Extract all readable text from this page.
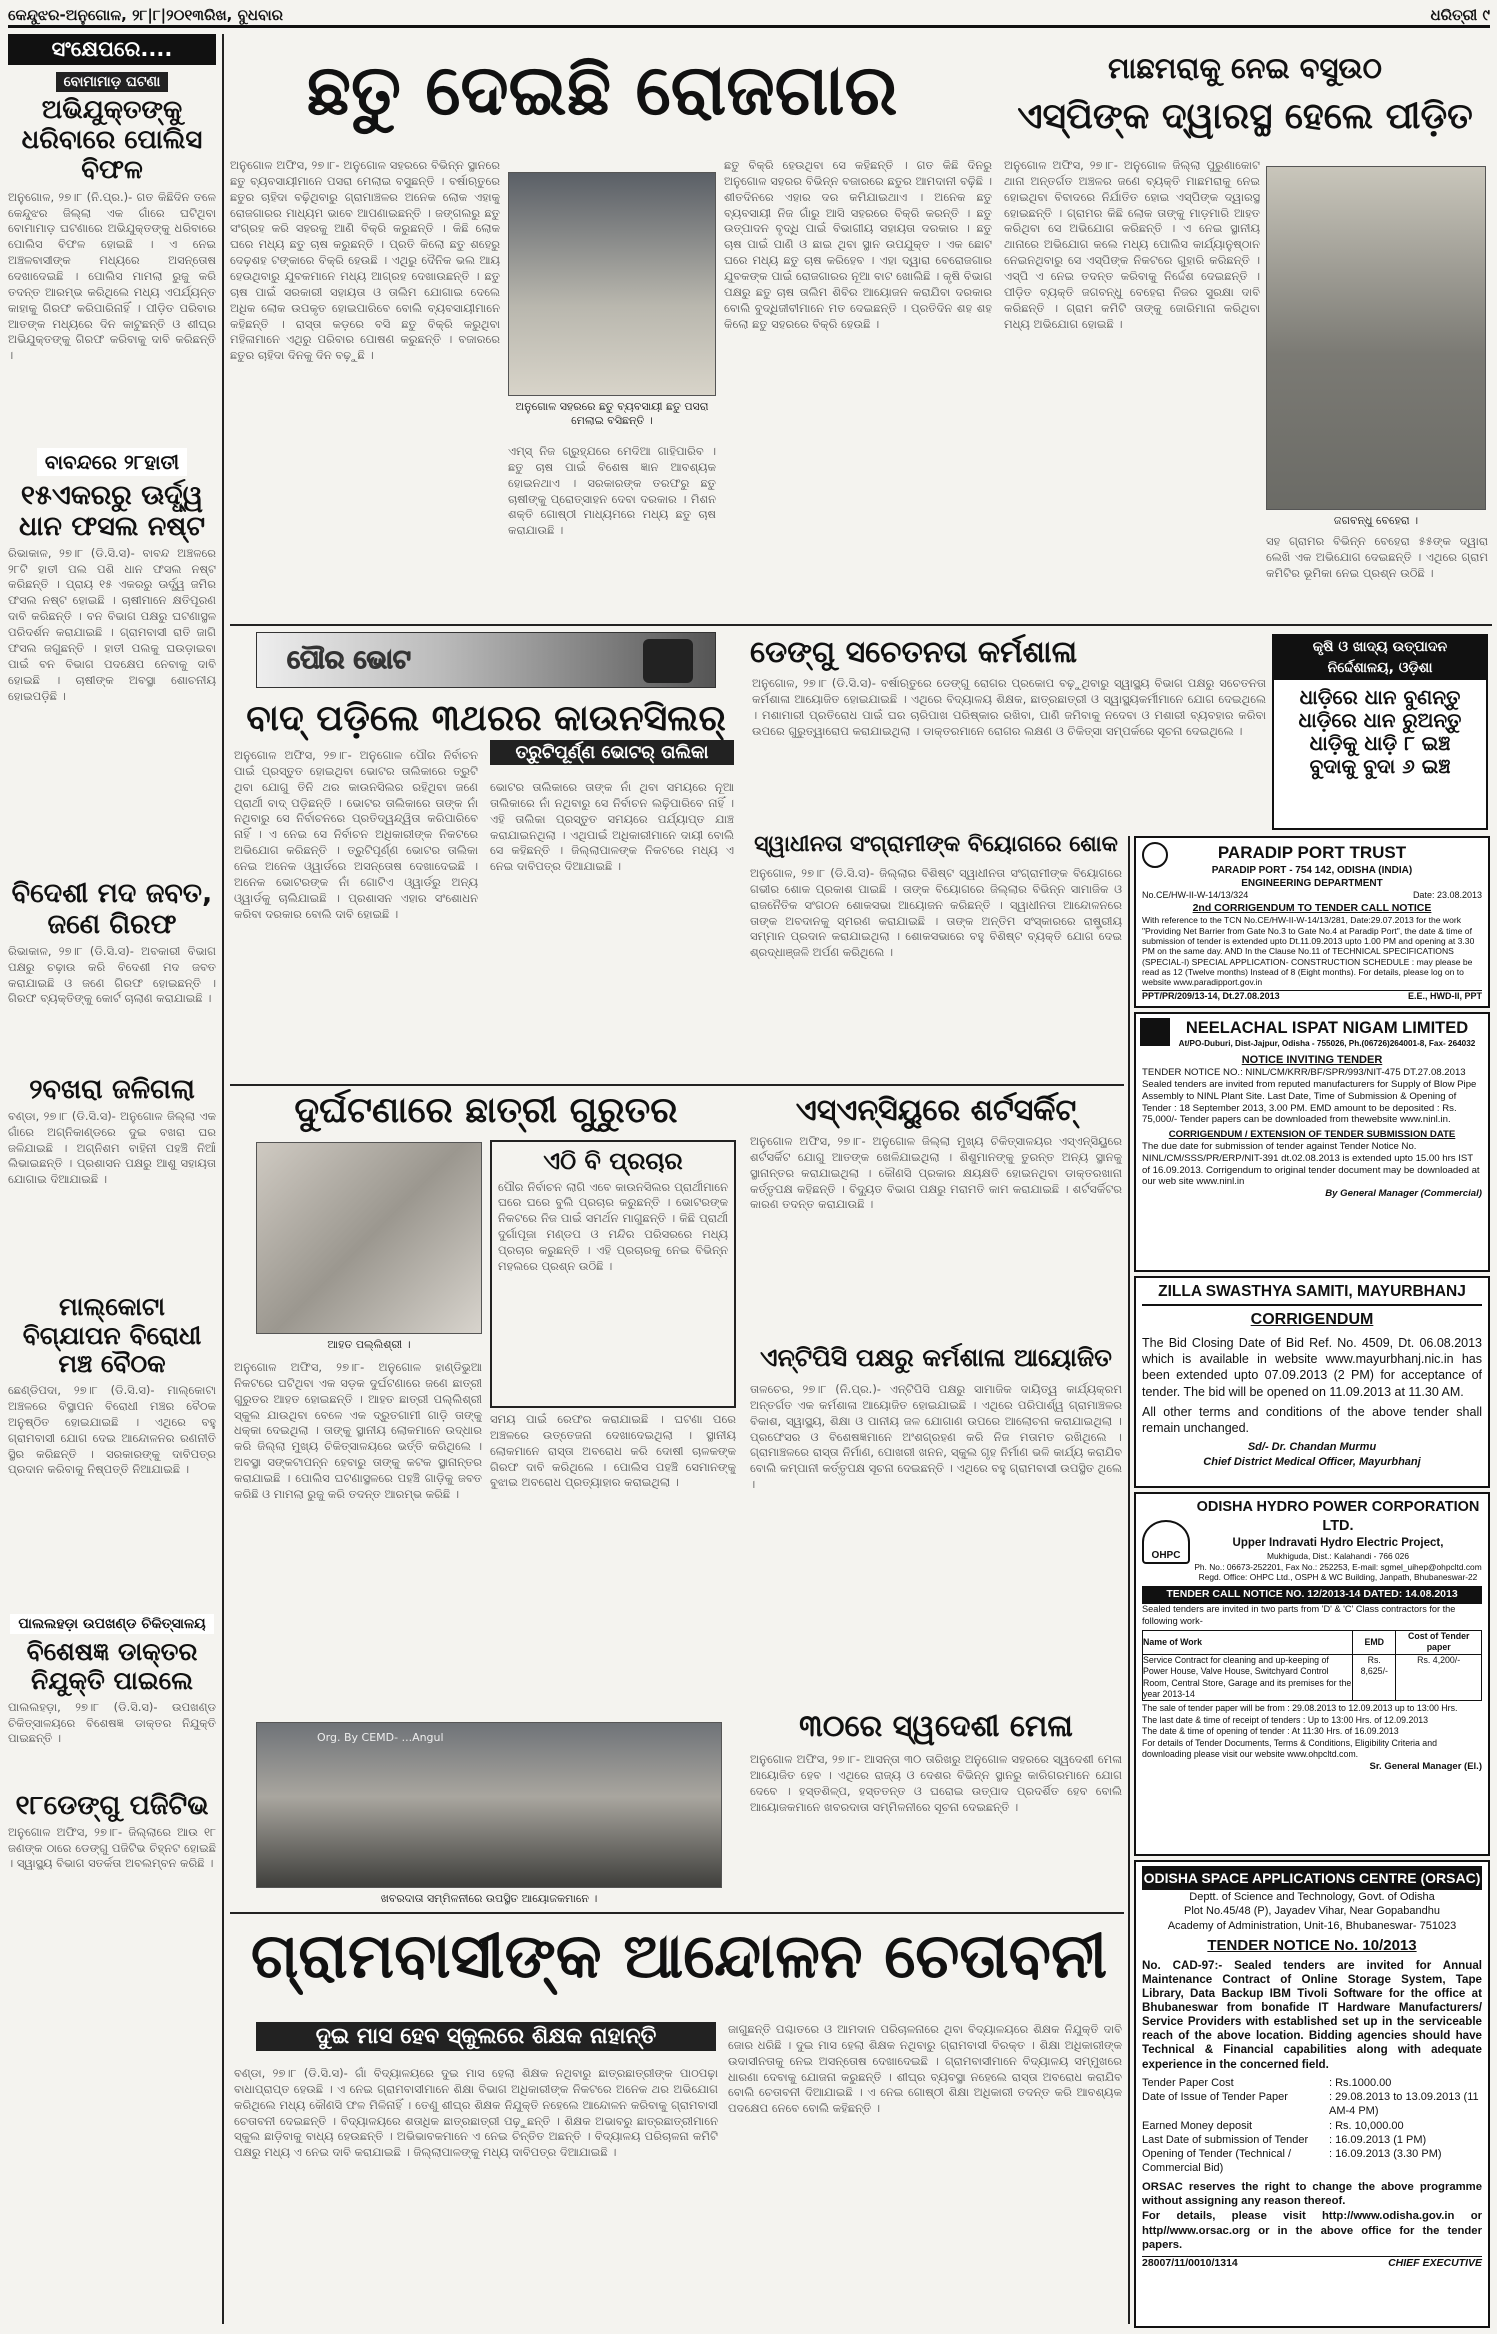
କେନ୍ଦୁଝର-ଅନୁଗୋଳ, ୨୮|୮|୨୦୧୩ରିଖ, ବୁଧବାର	ଧରିତ୍ରୀ ୯
ସଂକ୍ଷେପରେ....
ବୋମାମାଡ଼ ଘଟଣା
ଅଭିଯୁକ୍ତଙ୍କୁ ଧରିବାରେ ପୋଲିସ ବିଫଳ
ଅନୁଗୋଳ, ୨୭।୮ (ନି.ପ୍ର.)- ଗତ କିଛିଦିନ ତଳେ କେନ୍ଦୁଝର ଜିଲ୍ଲା ଏକ ଗାଁରେ ଘଟିଥିବା ବୋମାମାଡ଼ ଘଟଣାରେ ଅଭିଯୁକ୍ତଙ୍କୁ ଧରିବାରେ ପୋଲିସ ବିଫଳ ହୋଇଛି । ଏ ନେଇ ଅଞ୍ଚଳବାସୀଙ୍କ ମଧ୍ୟରେ ଅସନ୍ତୋଷ ଦେଖାଦେଇଛି । ପୋଲିସ ମାମଲା ରୁଜୁ କରି ତଦନ୍ତ ଆରମ୍ଭ କରିଥିଲେ ମଧ୍ୟ ଏପର୍ଯ୍ୟନ୍ତ କାହାକୁ ଗିରଫ କରିପାରିନାହିଁ । ପୀଡ଼ିତ ପରିବାର ଆତଙ୍କ ମଧ୍ୟରେ ଦିନ କାଟୁଛନ୍ତି ଓ ଶୀଘ୍ର ଅଭିଯୁକ୍ତଙ୍କୁ ଗିରଫ କରିବାକୁ ଦାବି କରିଛନ୍ତି ।
ବାବନ୍ଦରେ ୨୮ହାତୀ
୧୫ଏକରରୁ ଊର୍ଦ୍ଧ୍ୱ ଧାନ ଫସଲ ନଷ୍ଟ
ରିଭାକାଳ, ୨୭।୮ (ଡି.ସି.ସ)- ବାବନ୍ଦ ଅଞ୍ଚଳରେ ୨୮ଟି ହାତୀ ପଲ ପଶି ଧାନ ଫସଲ ନଷ୍ଟ କରିଛନ୍ତି । ପ୍ରାୟ ୧୫ ଏକରରୁ ଊର୍ଦ୍ଧ୍ୱ ଜମିର ଫସଲ ନଷ୍ଟ ହୋଇଛି । ଚାଷୀମାନେ କ୍ଷତିପୂରଣ ଦାବି କରିଛନ୍ତି । ବନ ବିଭାଗ ପକ୍ଷରୁ ଘଟଣାସ୍ଥଳ ପରିଦର୍ଶନ କରାଯାଇଛି । ଗ୍ରାମବାସୀ ରାତି ଜାଗି ଫସଲ ଜଗୁଛନ୍ତି । ହାତୀ ପଲକୁ ଘଉଡ଼ାଇବା ପାଇଁ ବନ ବିଭାଗ ପଦକ୍ଷେପ ନେବାକୁ ଦାବି ହୋଇଛି । ଚାଷୀଙ୍କ ଅବସ୍ଥା ଶୋଚନୀୟ ହୋଇପଡ଼ିଛି ।
ବିଦେଶୀ ମଦ ଜବତ, ଜଣେ ଗିରଫ
ରିଭାକାଳ, ୨୭।୮ (ଡି.ସି.ସ)- ଅବକାରୀ ବିଭାଗ ପକ୍ଷରୁ ଚଢ଼ାଉ କରି ବିଦେଶୀ ମଦ ଜବତ କରାଯାଇଛି ଓ ଜଣେ ଗିରଫ ହୋଇଛନ୍ତି । ଗିରଫ ବ୍ୟକ୍ତିଙ୍କୁ କୋର୍ଟ ଚାଲାଣ କରାଯାଇଛି ।
୨ବଖରା ଜଳିଗଲା
ବଣ୍ଡା, ୨୭।୮ (ଡି.ସି.ସ)- ଅନୁଗୋଳ ଜିଲ୍ଲା ଏକ ଗାଁରେ ଅଗ୍ନିକାଣ୍ଡରେ ଦୁଇ ବଖରା ଘର ଜଳିଯାଇଛି । ଅଗ୍ନିଶମ ବାହିନୀ ପହଞ୍ଚି ନିଆଁ ଲିଭାଇଛନ୍ତି । ପ୍ରଶାସନ ପକ୍ଷରୁ ଆଶୁ ସହାୟତା ଯୋଗାଇ ଦିଆଯାଇଛି ।
ମାଲ୍କୋଟା ବିଗ୍ଯାପନ ବିରୋଧୀ ମଞ୍ଚ ବୈଠକ
ଛେଣ୍ଡିପଦା, ୨୭।୮ (ଡି.ସି.ସ)- ମାଲ୍କୋଟା ଅଞ୍ଚଳରେ ବିସ୍ଥାପନ ବିରୋଧୀ ମଞ୍ଚର ବୈଠକ ଅନୁଷ୍ଠିତ ହୋଇଯାଇଛି । ଏଥିରେ ବହୁ ଗ୍ରାମବାସୀ ଯୋଗ ଦେଇ ଆନ୍ଦୋଳନର ରଣନୀତି ସ୍ଥିର କରିଛନ୍ତି । ସରକାରଙ୍କୁ ଦାବିପତ୍ର ପ୍ରଦାନ କରିବାକୁ ନିଷ୍ପତ୍ତି ନିଆଯାଇଛି ।
ପାଲଲହଡ଼ା ଉପଖଣ୍ଡ ଚିକିତ୍ସାଳୟ
ବିଶେଷଜ୍ଞ ଡାକ୍ତର ନିଯୁକ୍ତି ପାଇଲେ
ପାଲଲହଡ଼ା, ୨୭।୮ (ଡି.ସି.ସ)- ଉପଖଣ୍ଡ ଚିକିତ୍ସାଳୟରେ ବିଶେଷଜ୍ଞ ଡାକ୍ତର ନିଯୁକ୍ତି ପାଇଛନ୍ତି ।
୧୮ଡେଙ୍ଗୁ ପଜିଟିଭ
ଅନୁଗୋଳ ଅଫିସ, ୨୭।୮- ଜିଲ୍ଲାରେ ଆଉ ୧୮ ଜଣଙ୍କ ଠାରେ ଡେଙ୍ଗୁ ପଜିଟିଭ ଚିହ୍ନଟ ହୋଇଛି । ସ୍ୱାସ୍ଥ୍ୟ ବିଭାଗ ସତର୍କତା ଅବଲମ୍ବନ କରିଛି ।
ଛତୁ ଦେଇଛି ରୋଜଗାର
ଅନୁଗୋଳ ଅଫିସ, ୨୭।୮- ଅନୁଗୋଳ ସହରରେ ବିଭିନ୍ନ ସ୍ଥାନରେ ଛତୁ ବ୍ୟବସାୟୀମାନେ ପସରା ମେଲାଇ ବସୁଛନ୍ତି । ବର୍ଷାଋତୁରେ ଛତୁର ଚାହିଦା ବଢ଼ିଥିବାରୁ ଗ୍ରାମାଞ୍ଚଳର ଅନେକ ଲୋକ ଏହାକୁ ରୋଜଗାରର ମାଧ୍ୟମ ଭାବେ ଆପଣାଇଛନ୍ତି । ଜଙ୍ଗଲରୁ ଛତୁ ସଂଗ୍ରହ କରି ସହରକୁ ଆଣି ବିକ୍ରି କରୁଛନ୍ତି । କିଛି ଲୋକ ଘରେ ମଧ୍ୟ ଛତୁ ଚାଷ କରୁଛନ୍ତି । ପ୍ରତି କିଲୋ ଛତୁ ଶହେରୁ ଦେଢ଼ଶହ ଟଙ୍କାରେ ବିକ୍ରି ହେଉଛି । ଏଥିରୁ ଦୈନିକ ଭଲ ଆୟ ହେଉଥିବାରୁ ଯୁବକମାନେ ମଧ୍ୟ ଆଗ୍ରହ ଦେଖାଉଛନ୍ତି । ଛତୁ ଚାଷ ପାଇଁ ସରକାରୀ ସହାୟତା ଓ ତାଲିମ ଯୋଗାଇ ଦେଲେ ଅଧିକ ଲୋକ ଉପକୃତ ହୋଇପାରିବେ ବୋଲି ବ୍ୟବସାୟୀମାନେ କହିଛନ୍ତି । ରାସ୍ତା କଡ଼ରେ ବସି ଛତୁ ବିକ୍ରି କରୁଥିବା ମହିଳାମାନେ ଏଥିରୁ ପରିବାର ପୋଷଣ କରୁଛନ୍ତି । ବଜାରରେ ଛତୁର ଚାହିଦା ଦିନକୁ ଦିନ ବଢ଼ୁଛି ।
ଅନୁଗୋଳ ସହରରେ ଛତୁ ବ୍ୟବସାୟୀ ଛତୁ ପସରା ମେଲାଇ ବସିଛନ୍ତି ।
ଏମ୍‌ସ୍ ନିଜ ଗ୍ରୁହ୍ଯରେ ମେଦିଆ ଗାହିପାରିବ । ଛତୁ ଚାଷ ପାଇଁ ବିଶେଷ ଜ୍ଞାନ ଆବଶ୍ୟକ ହୋଇନଥାଏ । ସରକାରଙ୍କ ତରଫରୁ ଛତୁ ଚାଷୀଙ୍କୁ ପ୍ରୋତ୍ସାହନ ଦେବା ଦରକାର । ମିଶନ ଶକ୍ତି ଗୋଷ୍ଠୀ ମାଧ୍ୟମରେ ମଧ୍ୟ ଛତୁ ଚାଷ କରାଯାଉଛି ।
ଛତୁ ବିକ୍ରି ହେଉଥିବା ସେ କହିଛନ୍ତି । ଗତ କିଛି ଦିନରୁ ଅନୁଗୋଳ ସହରର ବିଭିନ୍ନ ବଜାରରେ ଛତୁର ଆମଦାନୀ ବଢ଼ିଛି । ଶୀତଦିନରେ ଏହାର ଦର କମିଯାଇଥାଏ । ଅନେକ ଛତୁ ବ୍ୟବସାୟୀ ନିଜ ଗାଁରୁ ଆସି ସହରରେ ବିକ୍ରି କରନ୍ତି । ଛତୁ ଉତ୍ପାଦନ ବୃଦ୍ଧି ପାଇଁ ବିଭାଗୀୟ ସହାୟତା ଦରକାର । ଛତୁ ଚାଷ ପାଇଁ ପାଣି ଓ ଛାଇ ଥିବା ସ୍ଥାନ ଉପଯୁକ୍ତ । ଏକ ଛୋଟ ଘରେ ମଧ୍ୟ ଛତୁ ଚାଷ କରିହେବ । ଏହା ଦ୍ୱାରା ବେରୋଜଗାର ଯୁବକଙ୍କ ପାଇଁ ରୋଜଗାରର ନୂଆ ବାଟ ଖୋଲିଛି । କୃଷି ବିଭାଗ ପକ୍ଷରୁ ଛତୁ ଚାଷ ତାଲିମ ଶିବିର ଆୟୋଜନ କରାଯିବା ଦରକାର ବୋଲି ବୁଦ୍ଧିଜୀବୀମାନେ ମତ ଦେଇଛନ୍ତି । ପ୍ରତିଦିନ ଶହ ଶହ କିଲୋ ଛତୁ ସହରରେ ବିକ୍ରି ହେଉଛି ।
ମାଛମରାକୁ ନେଇ ବସୁଉଠ
ଏସ୍‌ପିଙ୍କ ଦ୍ୱାରସ୍ଥ ହେଲେ ପୀଡ଼ିତ
ଅନୁଗୋଳ ଅଫିସ, ୨୭।୮- ଅନୁଗୋଳ ଜିଲ୍ଲା ପୁରୁଣାକୋଟ ଥାନା ଅନ୍ତର୍ଗତ ଅଞ୍ଚଳର ଜଣେ ବ୍ୟକ୍ତି ମାଛମରାକୁ ନେଇ ହୋଇଥିବା ବିବାଦରେ ନିର୍ଯାତିତ ହୋଇ ଏସ୍‌ପିଙ୍କ ଦ୍ୱାରସ୍ଥ ହୋଇଛନ୍ତି । ଗ୍ରାମର କିଛି ଲୋକ ତାଙ୍କୁ ମାଡ଼ମାରି ଆହତ କରିଥିବା ସେ ଅଭିଯୋଗ କରିଛନ୍ତି । ଏ ନେଇ ସ୍ଥାନୀୟ ଥାନାରେ ଅଭିଯୋଗ କଲେ ମଧ୍ୟ ପୋଲିସ କାର୍ଯ୍ୟାନୁଷ୍ଠାନ ନେଇନଥିବାରୁ ସେ ଏସ୍‌ପିଙ୍କ ନିକଟରେ ଗୁହାରି କରିଛନ୍ତି । ଏସ୍‌ପି ଏ ନେଇ ତଦନ୍ତ କରିବାକୁ ନିର୍ଦ୍ଦେଶ ଦେଇଛନ୍ତି । ପୀଡ଼ିତ ବ୍ୟକ୍ତି ଜଗବନ୍ଧୁ ବେହେରା ନିଜର ସୁରକ୍ଷା ଦାବି କରିଛନ୍ତି । ଗ୍ରାମ କମିଟି ତାଙ୍କୁ ଜୋରିମାନା କରିଥିବା ମଧ୍ୟ ଅଭିଯୋଗ ହୋଇଛି ।
ଜଗବନ୍ଧୁ ବେହେରା ।
ସହ ଗ୍ରାମର ବିଭିନ୍ନ ବେହେରା ୫୫ଙ୍କ ଦ୍ୱାରା ଲେଖି ଏକ ଅଭିଯୋଗ ଦେଇଛନ୍ତି । ଏଥିରେ ଗ୍ରାମ କମିଟିର ଭୂମିକା ନେଇ ପ୍ରଶ୍ନ ଉଠିଛି ।
ପୌର ଭୋଟ
ବାଦ୍ ପଡ଼ିଲେ ୩ଥରର କାଉନସିଲର୍
ଅନୁଗୋଳ ଅଫିସ, ୨୭।୮- ଅନୁଗୋଳ ପୌର ନିର୍ବାଚନ ପାଇଁ ପ୍ରସ୍ତୁତ ହୋଇଥିବା ଭୋଟର ତାଲିକାରେ ତ୍ରୁଟି ଥିବା ଯୋଗୁ ତିନି ଥର କାଉନସିଲର ରହିଥିବା ଜଣେ ପ୍ରାର୍ଥୀ ବାଦ୍ ପଡ଼ିଛନ୍ତି । ଭୋଟର ତାଲିକାରେ ତାଙ୍କ ନାଁ ନଥିବାରୁ ସେ ନିର୍ବାଚନରେ ପ୍ରତିଦ୍ୱନ୍ଦ୍ୱିତା କରିପାରିବେ ନାହିଁ । ଏ ନେଇ ସେ ନିର୍ବାଚନ ଅଧିକାରୀଙ୍କ ନିକଟରେ ଅଭିଯୋଗ କରିଛନ୍ତି । ତ୍ରୁଟିପୂର୍ଣ୍ଣ ଭୋଟର ତାଲିକା ନେଇ ଅନେକ ଓ୍ୱାର୍ଡରେ ଅସନ୍ତୋଷ ଦେଖାଦେଇଛି । ଅନେକ ଭୋଟରଙ୍କ ନାଁ ଗୋଟିଏ ଓ୍ୱାର୍ଡରୁ ଅନ୍ୟ ଓ୍ୱାର୍ଡକୁ ଚାଲିଯାଇଛି । ପ୍ରଶାସନ ଏହାର ସଂଶୋଧନ କରିବା ଦରକାର ବୋଲି ଦାବି ହୋଇଛି ।
ତ୍ରୁଟିପୂର୍ଣ୍ଣ ଭୋଟର୍ ତାଲିକା
ଭୋଟର ତାଲିକାରେ ତାଙ୍କ ନାଁ ଥିବା ସମୟରେ ନୂଆ ତାଲିକାରେ ନାଁ ନଥିବାରୁ ସେ ନିର୍ବାଚନ ଲଢ଼ିପାରିବେ ନାହିଁ । ଏହି ତାଲିକା ପ୍ରସ୍ତୁତ ସମୟରେ ପର୍ଯ୍ୟାପ୍ତ ଯାଞ୍ଚ କରାଯାଇନଥିଲା । ଏଥିପାଇଁ ଅଧିକାରୀମାନେ ଦାୟୀ ବୋଲି ସେ କହିଛନ୍ତି । ଜିଲ୍ଲାପାଳଙ୍କ ନିକଟରେ ମଧ୍ୟ ଏ ନେଇ ଦାବିପତ୍ର ଦିଆଯାଇଛି ।
ଡେଙ୍ଗୁ ସଚେତନତା କର୍ମଶାଳା
ଅନୁଗୋଳ, ୨୭।୮ (ଡି.ସି.ସ)- ବର୍ଷାଋତୁରେ ଡେଙ୍ଗୁ ରୋଗର ପ୍ରକୋପ ବଢ଼ୁଥିବାରୁ ସ୍ୱାସ୍ଥ୍ୟ ବିଭାଗ ପକ୍ଷରୁ ସଚେତନତା କର୍ମଶାଳା ଆୟୋଜିତ ହୋଇଯାଇଛି । ଏଥିରେ ବିଦ୍ୟାଳୟ ଶିକ୍ଷକ, ଛାତ୍ରଛାତ୍ରୀ ଓ ସ୍ୱାସ୍ଥ୍ୟକର୍ମୀମାନେ ଯୋଗ ଦେଇଥିଲେ । ମଶାମାରୀ ପ୍ରତିରୋଧ ପାଇଁ ଘର ଚାରିପାଖ ପରିଷ୍କାର ରଖିବା, ପାଣି ଜମିବାକୁ ନଦେବା ଓ ମଶାରୀ ବ୍ୟବହାର କରିବା ଉପରେ ଗୁରୁତ୍ୱାରୋପ କରାଯାଇଥିଲା । ଡାକ୍ତରମାନେ ରୋଗର ଲକ୍ଷଣ ଓ ଚିକିତ୍ସା ସମ୍ପର୍କରେ ସୂଚନା ଦେଇଥିଲେ ।
କୃଷି ଓ ଖାଦ୍ୟ ଉତ୍ପାଦନ
ନିର୍ଦ୍ଦେଶାଳୟ, ଓଡ଼ିଶା
ଧାଡ଼ିରେ ଧାନ ବୁଣନ୍ତୁ
ଧାଡ଼ିରେ ଧାନ ରୁଅନ୍ତୁ
ଧାଡ଼ିକୁ ଧାଡ଼ି ୮ ଇଞ୍ଚ
ବୁଦାକୁ ବୁଦା ୬ ଇଞ୍ଚ
ସ୍ୱାଧୀନତା ସଂଗ୍ରାମୀଙ୍କ ବିୟୋଗରେ ଶୋକ
ଅନୁଗୋଳ, ୨୭।୮ (ଡି.ସି.ସ)- ଜିଲ୍ଲାର ବିଶିଷ୍ଟ ସ୍ୱାଧୀନତା ସଂଗ୍ରାମୀଙ୍କ ବିୟୋଗରେ ଗଭୀର ଶୋକ ପ୍ରକାଶ ପାଇଛି । ତାଙ୍କ ବିୟୋଗରେ ଜିଲ୍ଲାର ବିଭିନ୍ନ ସାମାଜିକ ଓ ରାଜନୈତିକ ସଂଗଠନ ଶୋକସଭା ଆୟୋଜନ କରିଛନ୍ତି । ସ୍ୱାଧୀନତା ଆନ୍ଦୋଳନରେ ତାଙ୍କ ଅବଦାନକୁ ସ୍ମରଣ କରାଯାଇଛି । ତାଙ୍କ ଅନ୍ତିମ ସଂସ୍କାରରେ ରାଷ୍ଟ୍ରୀୟ ସମ୍ମାନ ପ୍ରଦାନ କରାଯାଇଥିଲା । ଶୋକସଭାରେ ବହୁ ବିଶିଷ୍ଟ ବ୍ୟକ୍ତି ଯୋଗ ଦେଇ ଶ୍ରଦ୍ଧାଞ୍ଜଳି ଅର୍ପଣ କରିଥିଲେ ।
ଦୁର୍ଘଟଣାରେ ଛାତ୍ରୀ ଗୁରୁତର
ଆହତ ପଲ୍ଲିଶ୍ରୀ ।
ଏଠି ବି ପ୍ରଚାର
ପୌର ନିର୍ବାଚନ ଲାଗି ଏବେ କାଉନସିଲର ପ୍ରାର୍ଥୀମାନେ ଘରେ ଘରେ ବୁଲି ପ୍ରଚାର କରୁଛନ୍ତି । ଭୋଟରଙ୍କ ନିକଟରେ ନିଜ ପାଇଁ ସମର୍ଥନ ମାଗୁଛନ୍ତି । କିଛି ପ୍ରାର୍ଥୀ ଦୁର୍ଗାପୂଜା ମଣ୍ଡପ ଓ ମନ୍ଦିର ପରିସରରେ ମଧ୍ୟ ପ୍ରଚାର କରୁଛନ୍ତି । ଏହି ପ୍ରଚାରକୁ ନେଇ ବିଭିନ୍ନ ମହଲରେ ପ୍ରଶ୍ନ ଉଠିଛି ।
ଅନୁଗୋଳ ଅଫିସ, ୨୭।୮- ଅନୁଗୋଳ ହାଣ୍ଡିଭୁଆ ନିକଟରେ ଘଟିଥିବା ଏକ ସଡ଼କ ଦୁର୍ଘଟଣାରେ ଜଣେ ଛାତ୍ରୀ ଗୁରୁତର ଆହତ ହୋଇଛନ୍ତି । ଆହତ ଛାତ୍ରୀ ପଲ୍ଲିଶ୍ରୀ ସ୍କୁଲ ଯାଉଥିବା ବେଳେ ଏକ ଦ୍ରୁତଗାମୀ ଗାଡ଼ି ତାଙ୍କୁ ଧକ୍କା ଦେଇଥିଲା । ତାଙ୍କୁ ସ୍ଥାନୀୟ ଲୋକମାନେ ଉଦ୍ଧାର କରି ଜିଲ୍ଲା ମୁଖ୍ୟ ଚିକିତ୍ସାଳୟରେ ଭର୍ତ୍ତି କରିଥିଲେ । ଅବସ୍ଥା ସଙ୍କଟାପନ୍ନ ହେବାରୁ ତାଙ୍କୁ କଟକ ସ୍ଥାନାନ୍ତର କରାଯାଇଛି । ପୋଲିସ ଘଟଣାସ୍ଥଳରେ ପହଞ୍ଚି ଗାଡ଼ିକୁ ଜବତ କରିଛି ଓ ମାମଲା ରୁଜୁ କରି ତଦନ୍ତ ଆରମ୍ଭ କରିଛି ।
ସମୟ ପାଇଁ ରେଫର କରାଯାଇଛି । ଘଟଣା ପରେ ଅଞ୍ଚଳରେ ଉତ୍ତେଜନା ଦେଖାଦେଇଥିଲା । ସ୍ଥାନୀୟ ଲୋକମାନେ ରାସ୍ତା ଅବରୋଧ କରି ଦୋଷୀ ଚାଳକଙ୍କ ଗିରଫ ଦାବି କରିଥିଲେ । ପୋଲିସ ପହଞ୍ଚି ସେମାନଙ୍କୁ ବୁଝାଇ ଅବରୋଧ ପ୍ରତ୍ୟାହାର କରାଇଥିଲା ।
ଏସ୍‌ଏନ୍‌ସିୟୁରେ ଶର୍ଟସର୍କିଟ୍
ଅନୁଗୋଳ ଅଫିସ, ୨୭।୮- ଅନୁଗୋଳ ଜିଲ୍ଲା ମୁଖ୍ୟ ଚିକିତ୍ସାଳୟର ଏସ୍‌ଏନ୍‌ସିୟୁରେ ଶର୍ଟସର୍କିଟ ଯୋଗୁ ଆତଙ୍କ ଖେଳିଯାଇଥିଲା । ଶିଶୁମାନଙ୍କୁ ତୁରନ୍ତ ଅନ୍ୟ ସ୍ଥାନକୁ ସ୍ଥାନାନ୍ତର କରାଯାଇଥିଲା । କୌଣସି ପ୍ରକାର କ୍ଷୟକ୍ଷତି ହୋଇନଥିବା ଡାକ୍ତରଖାନା କର୍ତ୍ତୃପକ୍ଷ କହିଛନ୍ତି । ବିଦ୍ୟୁତ ବିଭାଗ ପକ୍ଷରୁ ମରାମତି କାମ କରାଯାଇଛି । ଶର୍ଟସର୍କିଟର କାରଣ ତଦନ୍ତ କରାଯାଉଛି ।
ଏନ୍‌ଟିପିସି ପକ୍ଷରୁ କର୍ମଶାଳା ଆୟୋଜିତ
ତାଳଚେର, ୨୭।୮ (ନି.ପ୍ର.)- ଏନ୍‌ଟିପିସି ପକ୍ଷରୁ ସାମାଜିକ ଦାୟିତ୍ୱ କାର୍ଯ୍ୟକ୍ରମ ଅନ୍ତର୍ଗତ ଏକ କର୍ମଶାଳା ଆୟୋଜିତ ହୋଇଯାଇଛି । ଏଥିରେ ପରିପାର୍ଶ୍ୱ ଗ୍ରାମାଞ୍ଚଳର ବିକାଶ, ସ୍ୱାସ୍ଥ୍ୟ, ଶିକ୍ଷା ଓ ପାନୀୟ ଜଳ ଯୋଗାଣ ଉପରେ ଆଲୋଚନା କରାଯାଇଥିଲା । ପ୍ରଫେସର ଓ ବିଶେଷଜ୍ଞମାନେ ଅଂଶଗ୍ରହଣ କରି ନିଜ ମତାମତ ରଖିଥିଲେ । ଗ୍ରାମାଞ୍ଚଳରେ ରାସ୍ତା ନିର୍ମାଣ, ପୋଖରୀ ଖନନ, ସ୍କୁଲ ଗୃହ ନିର୍ମାଣ ଭଳି କାର୍ଯ୍ୟ କରାଯିବ ବୋଲି କମ୍ପାନୀ କର୍ତ୍ତୃପକ୍ଷ ସୂଚନା ଦେଇଛନ୍ତି । ଏଥିରେ ବହୁ ଗ୍ରାମବାସୀ ଉପସ୍ଥିତ ଥିଲେ ।
Org. By CEMD- ...Angul
ଖବରଦାତା ସମ୍ମିଳନୀରେ ଉପସ୍ଥିତ ଆୟୋଜକମାନେ ।
୩୦ରେ ସ୍ୱଦେଶୀ ମେଳା
ଅନୁଗୋଳ ଅଫିସ, ୨୭।୮- ଆସନ୍ତା ୩୦ ତାରିଖରୁ ଅନୁଗୋଳ ସହରରେ ସ୍ୱଦେଶୀ ମେଳା ଆୟୋଜିତ ହେବ । ଏଥିରେ ରାଜ୍ୟ ଓ ଦେଶର ବିଭିନ୍ନ ସ୍ଥାନରୁ କାରିଗରମାନେ ଯୋଗ ଦେବେ । ହସ୍ତଶିଳ୍ପ, ହସ୍ତତନ୍ତ ଓ ଘରୋଇ ଉତ୍ପାଦ ପ୍ରଦର୍ଶିତ ହେବ ବୋଲି ଆୟୋଜକମାନେ ଖବରଦାତା ସମ୍ମିଳନୀରେ ସୂଚନା ଦେଇଛନ୍ତି ।
ଗ୍ରାମବାସୀଙ୍କ ଆନ୍ଦୋଳନ ଚେତାବନୀ
ଦୁଇ ମାସ ହେବ ସ୍କୁଲରେ ଶିକ୍ଷକ ନାହାନ୍ତି
ବଣ୍ଡା, ୨୭।୮ (ଡି.ସି.ସ)- ଗାଁ ବିଦ୍ୟାଳୟରେ ଦୁଇ ମାସ ହେଲା ଶିକ୍ଷକ ନଥିବାରୁ ଛାତ୍ରଛାତ୍ରୀଙ୍କ ପାଠପଢ଼ା ବାଧାପ୍ରାପ୍ତ ହେଉଛି । ଏ ନେଇ ଗ୍ରାମବାସୀମାନେ ଶିକ୍ଷା ବିଭାଗ ଅଧିକାରୀଙ୍କ ନିକଟରେ ଅନେକ ଥର ଅଭିଯୋଗ କରିଥିଲେ ମଧ୍ୟ କୌଣସି ଫଳ ମିଳିନାହିଁ । ତେଣୁ ଶୀଘ୍ର ଶିକ୍ଷକ ନିଯୁକ୍ତି ନହେଲେ ଆନ୍ଦୋଳନ କରିବାକୁ ଗ୍ରାମବାସୀ ଚେତାବନୀ ଦେଇଛନ୍ତି । ବିଦ୍ୟାଳୟରେ ଶତାଧିକ ଛାତ୍ରଛାତ୍ରୀ ପଢ଼ୁଛନ୍ତି । ଶିକ୍ଷକ ଅଭାବରୁ ଛାତ୍ରଛାତ୍ରୀମାନେ ସ୍କୁଲ ଛାଡ଼ିବାକୁ ବାଧ୍ୟ ହେଉଛନ୍ତି । ଅଭିଭାବକମାନେ ଏ ନେଇ ଚିନ୍ତିତ ଅଛନ୍ତି । ବିଦ୍ୟାଳୟ ପରିଚାଳନା କମିଟି ପକ୍ଷରୁ ମଧ୍ୟ ଏ ନେଇ ଦାବି କରାଯାଇଛି । ଜିଲ୍ଲାପାଳଙ୍କୁ ମଧ୍ୟ ଦାବିପତ୍ର ଦିଆଯାଇଛି ।
ଜାଗୁଛନ୍ତି ପଶ୍ଚାତରେ ଓ ଆମଦାନ ପରିଚାଳନାରେ ଥିବା ବିଦ୍ୟାଳୟରେ ଶିକ୍ଷକ ନିଯୁକ୍ତି ଦାବି ଜୋର ଧରିଛି । ଦୁଇ ମାସ ହେଲା ଶିକ୍ଷକ ନଥିବାରୁ ଗ୍ରାମବାସୀ ବିରକ୍ତ । ଶିକ୍ଷା ଅଧିକାରୀଙ୍କ ଉଦାସୀନତାକୁ ନେଇ ଅସନ୍ତୋଷ ଦେଖାଦେଇଛି । ଗ୍ରାମବାସୀମାନେ ବିଦ୍ୟାଳୟ ସମ୍ମୁଖରେ ଧାରଣା ଦେବାକୁ ଯୋଜନା କରୁଛନ୍ତି । ଶୀଘ୍ର ବ୍ୟବସ୍ଥା ନହେଲେ ରାସ୍ତା ଅବରୋଧ କରାଯିବ ବୋଲି ଚେତାବନୀ ଦିଆଯାଇଛି । ଏ ନେଇ ଗୋଷ୍ଠୀ ଶିକ୍ଷା ଅଧିକାରୀ ତଦନ୍ତ କରି ଆବଶ୍ୟକ ପଦକ୍ଷେପ ନେବେ ବୋଲି କହିଛନ୍ତି ।
PARADIP PORT TRUST
PARADIP PORT - 754 142, ODISHA (INDIA)
ENGINEERING DEPARTMENT
No.CE/HW-II-W-14/13/324	Date: 23.08.2013
2nd CORRIGENDUM TO TENDER CALL NOTICE
With reference to the TCN No.CE/HW-II-W-14/13/281, Date:29.07.2013 for the work "Providing Net Barrier from Gate No.3 to Gate No.4 at Paradip Port", the date & time of submission of tender is extended upto Dt.11.09.2013 upto 1.00 PM and opening at 3.30 PM on the same day. AND In the Clause No.11 of TECHNICAL SPECIFICATIONS (SPECIAL-I) SPECIAL APPLICATION- CONSTRUCTION SCHEDULE : may please be read as 12 (Twelve months) Instead of 8 (Eight months). For details, please log on to website www.paradipport.gov.in
PPT/PR/209/13-14, Dt.27.08.2013	E.E., HWD-II, PPT
NEELACHAL ISPAT NIGAM LIMITED
At/PO-Duburi, Dist-Jajpur, Odisha - 755026, Ph.(06726)264001-8, Fax- 264032
NOTICE INVITING TENDER
TENDER NOTICE NO.: NINL/CM/KRR/BF/SPR/993/NIT-475 DT.27.08.2013 Sealed tenders are invited from reputed manufacturers for Supply of Blow Pipe Assembly to NINL Plant Site. Last Date, Time of Submission & Opening of Tender : 18 September 2013, 3.00 PM. EMD amount to be deposited : Rs. 75,000/- Tender papers can be downloaded from thewebsite www.ninl.in.
CORRIGENDUM / EXTENSION OF TENDER SUBMISSION DATE
The due date for submission of tender against Tender Notice No. NINL/CM/SSS/PR/ERP/NIT-391 dt.02.08.2013 is extended upto 15.00 hrs IST of 16.09.2013. Corrigendum to original tender document may be downloaded at our web site www.ninl.in
By General Manager (Commercial)
ZILLA SWASTHYA SAMITI, MAYURBHANJ
CORRIGENDUM
The Bid Closing Date of Bid Ref. No. 4509, Dt. 06.08.2013 which is available in website www.mayurbhanj.nic.in has been extended upto 07.09.2013 (2 PM) for acceptance of tender. The bid will be opened on 11.09.2013 at 11.30 AM.
All other terms and conditions of the above tender shall remain unchanged.
Sd/- Dr. Chandan Murmu
Chief District Medical Officer, Mayurbhanj
ODISHA HYDRO POWER CORPORATION LTD.
OHPC
Upper Indravati Hydro Electric Project,
Mukhiguda, Dist.: Kalahandi - 766 026
Ph. No.: 06673-252201, Fax No.: 252253, E-mail: sgmel_uihep@ohpcltd.com
Regd. Office: OHPC Ltd., OSPH & WC Building, Janpath, Bhubaneswar-22
TENDER CALL NOTICE NO. 12/2013-14 DATED: 14.08.2013
Sealed tenders are invited in two parts from 'D' & 'C' Class contractors for the following work-
Name of Work	EMD	Cost of Tender paper
Service Contract for cleaning and up-keeping of Power House, Valve House, Switchyard Control Room, Central Store, Garage and its premises for the year 2013-14	Rs. 8,625/-	Rs. 4,200/-
The sale of tender paper will be from : 29.08.2013 to 12.09.2013 up to 13:00 Hrs.
The last date & time of receipt of tenders : Up to 13:00 Hrs. of 12.09.2013
The date & time of opening of tender : At 11:30 Hrs. of 16.09.2013
For details of Tender Documents, Terms & Conditions, Eligibility Criteria and downloading please visit our website www.ohpcltd.com.
Sr. General Manager (El.)
ODISHA SPACE APPLICATIONS CENTRE (ORSAC)
Deptt. of Science and Technology, Govt. of Odisha
Plot No.45/48 (P), Jayadev Vihar, Near Gopabandhu
Academy of Administration, Unit-16, Bhubaneswar- 751023
TENDER NOTICE No. 10/2013
No. CAD-97:- Sealed tenders are invited for Annual Maintenance Contract of Online Storage System, Tape Library, Data Backup IBM Tivoli Software for the office at Bhubaneswar from bonafide IT Hardware Manufacturers/ Service Providers with established set up in the serviceable reach of the above location. Bidding agencies should have Technical & Financial capabilities along with adequate experience in the concerned field.
Tender Paper Cost	: Rs.1000.00
Date of Issue of Tender Paper	: 29.08.2013 to 13.09.2013 (11 AM-4 PM)
Earned Money deposit	: Rs. 10,000.00
Last Date of submission of Tender	: 16.09.2013 (1 PM)
Opening of Tender (Technical / Commercial Bid)
: 16.09.2013 (3.30 PM)
ORSAC reserves the right to change the above programme without assigning any reason thereof.
For details, please visit http://www.odisha.gov.in or http//www.orsac.org or in the above office for the tender papers.
28007/11/0010/1314	CHIEF EXECUTIVE
